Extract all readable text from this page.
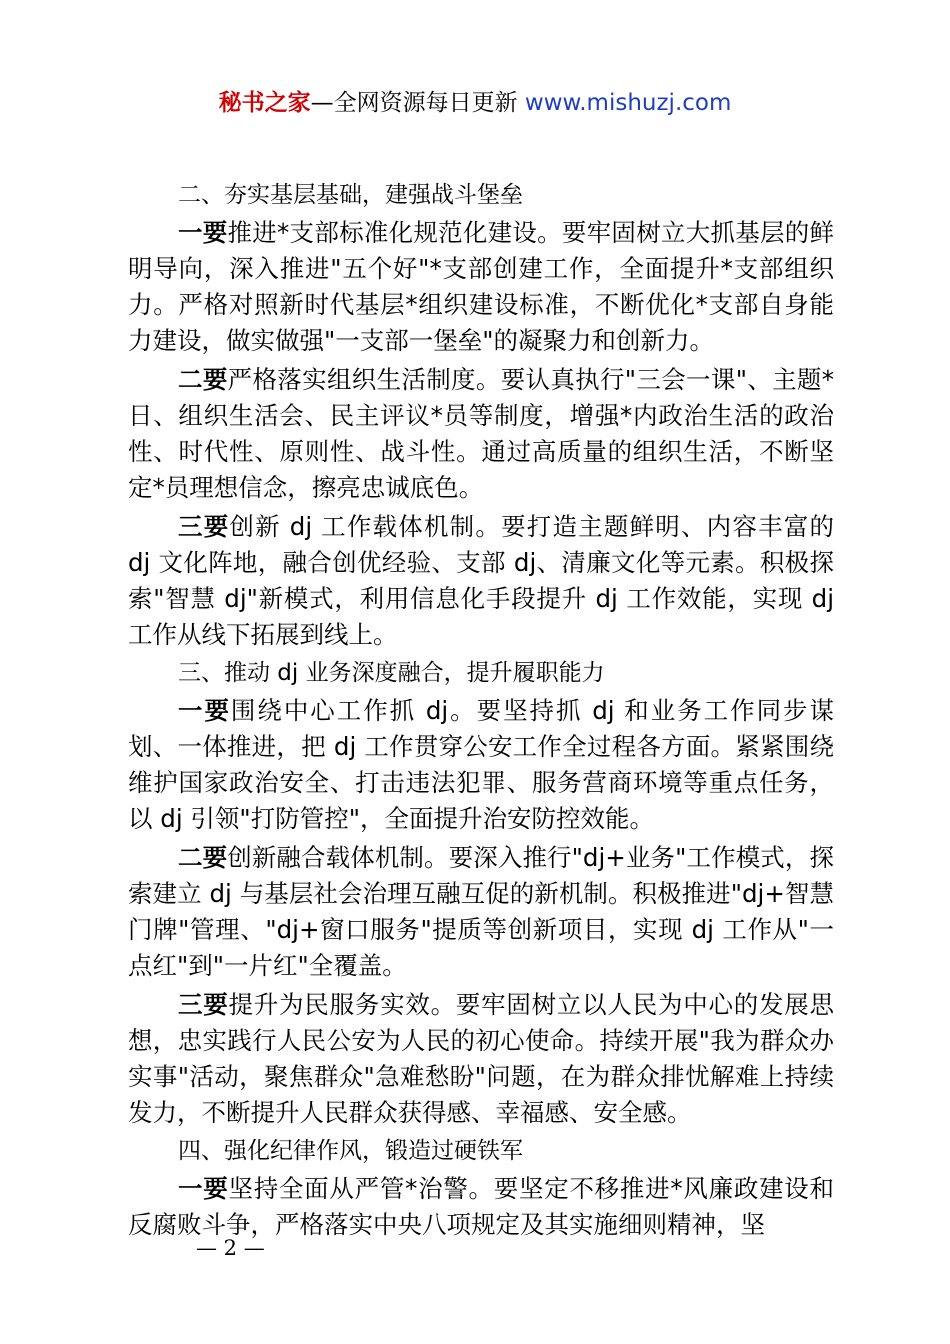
秘书之家—全网资源每日更新 www.mishuzj.com
二、夯实基层基础，建强战斗堡垒

一要推进*支部标准化规范化建设。要牢固树立大抓基层的鲜明导向，深入推进"五个好"*支部创建工作，全面提升*支部组织力。严格对照新时代基层*组织建设标准，不断优化*支部自身能力建设，做实做强"一支部一堡垒"的凝聚力和创新力。

二要严格落实组织生活制度。要认真执行"三会一课"、主题*日、组织生活会、民主评议*员等制度，增强*内政治生活的政治性、时代性、原则性、战斗性。通过高质量的组织生活，不断坚定*员理想信念，擦亮忠诚底色。

三要创新 dj 工作载体机制。要打造主题鲜明、内容丰富的 dj 文化阵地，融合创优经验、支部 dj、清廉文化等元素。积极探索"智慧 dj"新模式，利用信息化手段提升 dj 工作效能，实现 dj 工作从线下拓展到线上。

三、推动 dj 业务深度融合，提升履职能力

一要围绕中心工作抓 dj。要坚持抓 dj 和业务工作同步谋划、一体推进，把 dj 工作贯穿公安工作全过程各方面。紧紧围绕维护国家政治安全、打击违法犯罪、服务营商环境等重点任务，以 dj 引领"打防管控"，全面提升治安防控效能。

二要创新融合载体机制。要深入推行"dj+业务"工作模式，探索建立 dj 与基层社会治理互融互促的新机制。积极推进"dj+智慧门牌"管理、"dj+窗口服务"提质等创新项目，实现 dj 工作从"一点红"到"一片红"全覆盖。

三要提升为民服务实效。要牢固树立以人民为中心的发展思想，忠实践行人民公安为人民的初心使命。持续开展"我为群众办实事"活动，聚焦群众"急难愁盼"问题，在为群众排忧解难上持续发力，不断提升人民群众获得感、幸福感、安全感。

四、强化纪律作风，锻造过硬铁军

一要坚持全面从严管*治警。要坚定不移推进*风廉政建设和反腐败斗争，严格落实中央八项规定及其实施细则精神，坚

— 2 —
